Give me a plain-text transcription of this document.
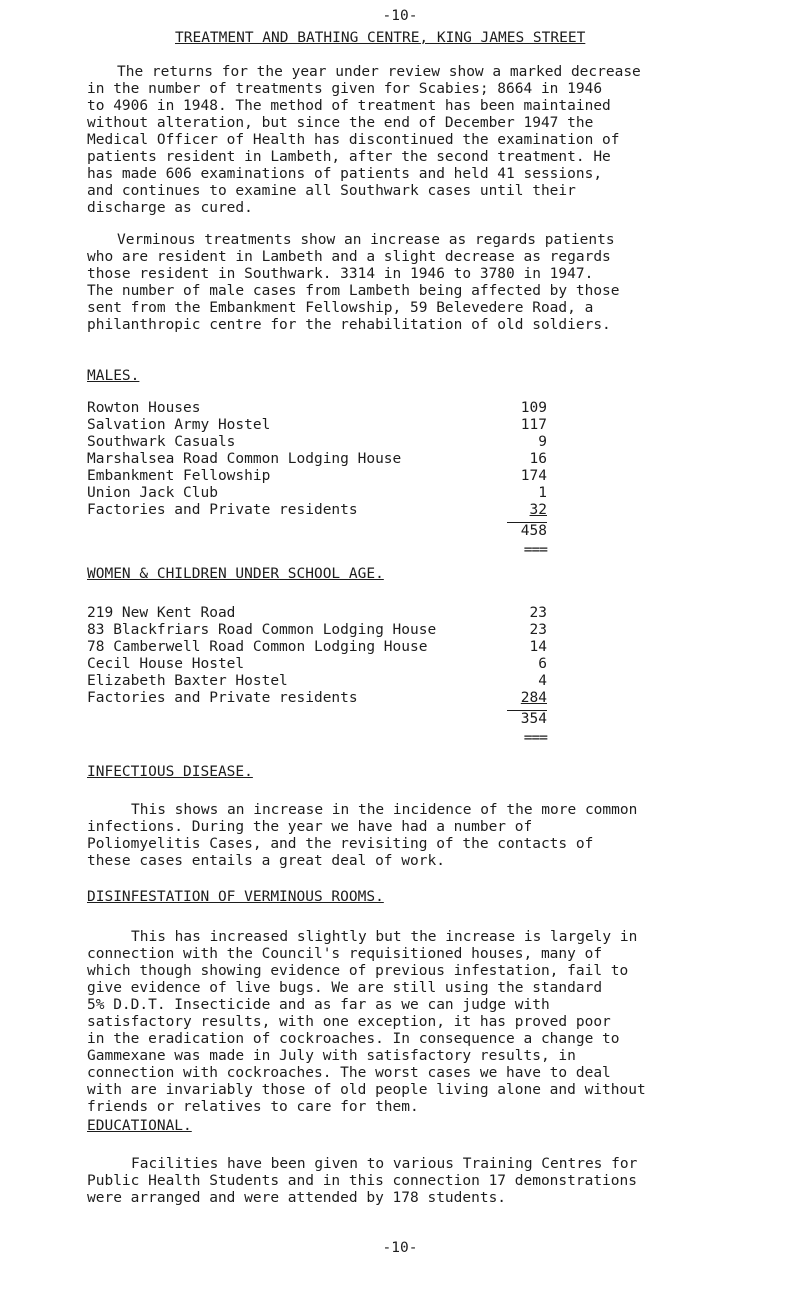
-10-
TREATMENT AND BATHING CENTRE, KING JAMES STREET
The returns for the year under review show a marked decrease
in the number of treatments given for Scabies; 8664 in 1946
to 4906 in 1948. The method of treatment has been maintained
without alteration, but since the end of December 1947 the
Medical Officer of Health has discontinued the examination of
patients resident in Lambeth, after the second treatment. He
has made 606 examinations of patients and held 41 sessions,
and continues to examine all Southwark cases until their
discharge as cured.
Verminous treatments show an increase as regards patients
who are resident in Lambeth and a slight decrease as regards
those resident in Southwark. 3314 in 1946 to 3780 in 1947.
The number of male cases from Lambeth being affected by those
sent from the Embankment Fellowship, 59 Belevedere Road, a
philanthropic centre for the rehabilitation of old soldiers.
MALES.
Rowton Houses	109
Salvation Army Hostel	117
Southwark Casuals	9
Marshalsea Road Common Lodging House	16
Embankment Fellowship	174
Union Jack Club	1
Factories and Private residents	32
458
===
WOMEN & CHILDREN UNDER SCHOOL AGE.
219 New Kent Road	23
83 Blackfriars Road Common Lodging House	23
78 Camberwell Road Common Lodging House	14
Cecil House Hostel	6
Elizabeth Baxter Hostel	4
Factories and Private residents	284
354
===
INFECTIOUS DISEASE.
This shows an increase in the incidence of the more common
infections. During the year we have had a number of
Poliomyelitis Cases, and the revisiting of the contacts of
these cases entails a great deal of work.
DISINFESTATION OF VERMINOUS ROOMS.
This has increased slightly but the increase is largely in
connection with the Council's requisitioned houses, many of
which though showing evidence of previous infestation, fail to
give evidence of live bugs. We are still using the standard
5% D.D.T. Insecticide and as far as we can judge with
satisfactory results, with one exception, it has proved poor
in the eradication of cockroaches. In consequence a change to
Gammexane was made in July with satisfactory results, in
connection with cockroaches. The worst cases we have to deal
with are invariably those of old people living alone and without
friends or relatives to care for them.
EDUCATIONAL.
Facilities have been given to various Training Centres for
Public Health Students and in this connection 17 demonstrations
were arranged and were attended by 178 students.
-10-
